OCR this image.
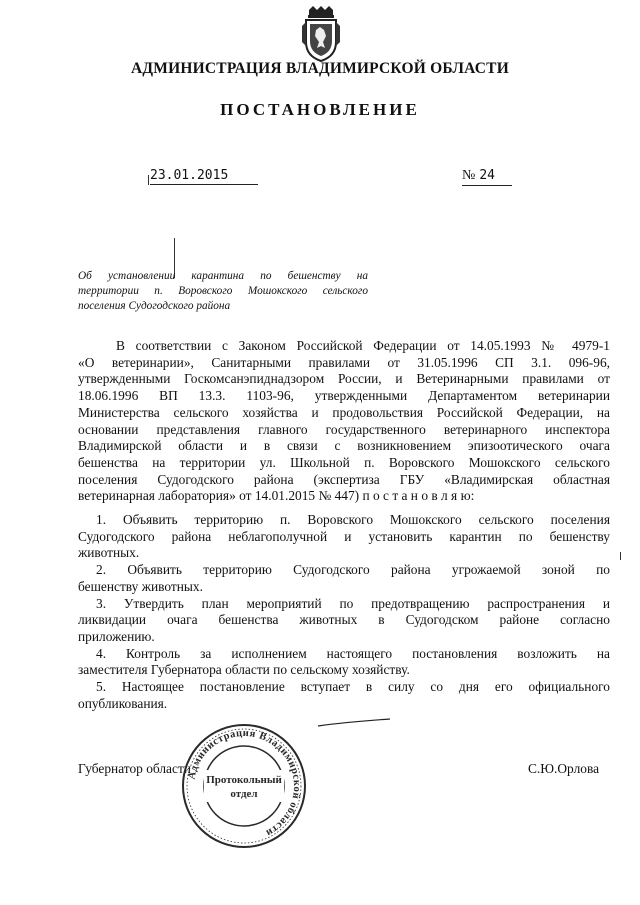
АДМИНИСТРАЦИЯ ВЛАДИМИРСКОЙ ОБЛАСТИ
ПОСТАНОВЛЕНИЕ
23.01.2015	№ 24
Об установлении карантина по бешенству на
территории п. Воровского Мошокского сельского
поселения Судогодского района
В соответствии с Законом Российской Федерации от 14.05.1993 № 4979-1
«О ветеринарии», Санитарными правилами от 31.05.1996 СП 3.1. 096-96,
утвержденными Госкомсанэпиднадзором России, и Ветеринарными правилами от
18.06.1996 ВП 13.3. 1103-96, утвержденными Департаментом ветеринарии
Министерства сельского хозяйства и продовольствия Российской Федерации, на
основании представления главного государственного ветеринарного инспектора
Владимирской области и в связи с возникновением эпизоотического очага
бешенства на территории ул. Школьной п. Воровского Мошокского сельского
поселения Судогодского района (экспертиза ГБУ «Владимирская областная
ветеринарная лаборатория» от 14.01.2015 № 447) п о с т а н о в л я ю:
1. Объявить территорию п. Воровского Мошокского сельского поселения
Судогодского района неблагополучной и установить карантин по бешенству
животных.
2. Объявить территорию Судогодского района угрожаемой зоной по
бешенству животных.
3. Утвердить план мероприятий по предотвращению распространения и
ликвидации очага бешенства животных в Судогодском районе согласно
приложению.
4. Контроль за исполнением настоящего постановления возложить на
заместителя Губернатора области по сельскому хозяйству.
5. Настоящее постановление вступает в силу со дня его официального
опубликования.
Губернатор области	С.Ю.Орлова
Администрация Владимирской области
Протокольный
отдел
